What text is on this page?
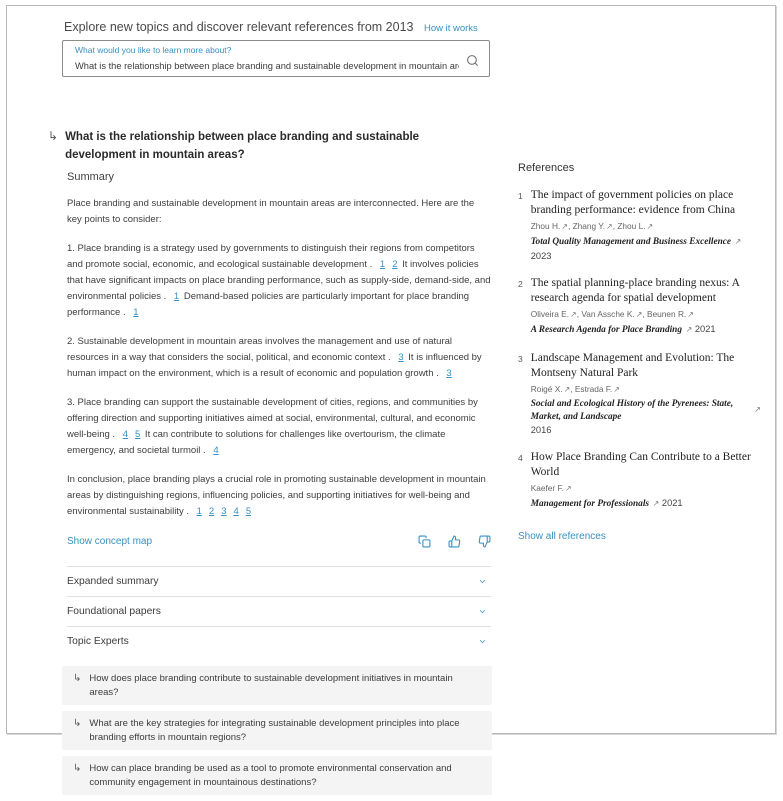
Explore new topics and discover relevant references from 2013 How it works
What would you like to learn more about?
What is the relationship between place branding and sustainable development in mountain areas?
↳ What is the relationship between place branding and sustainable development in mountain areas?
Summary

Place branding and sustainable development in mountain areas are interconnected. Here are the key points to consider:

1. Place branding is a strategy used by governments to distinguish their regions from competitors and promote social, economic, and ecological sustainable development . 1 2 It involves policies that have significant impacts on place branding performance, such as supply-side, demand-side, and environmental policies . 1 Demand-based policies are particularly important for place branding performance . 1

2. Sustainable development in mountain areas involves the management and use of natural resources in a way that considers the social, political, and economic context . 3 It is influenced by human impact on the environment, which is a result of economic and population growth . 3

3. Place branding can support the sustainable development of cities, regions, and communities by offering direction and supporting initiatives aimed at social, environmental, cultural, and economic well-being . 4 5 It can contribute to solutions for challenges like overtourism, the climate emergency, and societal turmoil . 4

In conclusion, place branding plays a crucial role in promoting sustainable development in mountain areas by distinguishing regions, influencing policies, and supporting initiatives for well-being and environmental sustainability . 1 2 3 4 5

Show concept map
Expanded summary
Foundational papers
Topic Experts
↳ How does place branding contribute to sustainable development initiatives in mountain areas?
↳ What are the key strategies for integrating sustainable development principles into place branding efforts in mountain regions?
↳ How can place branding be used as a tool to promote environmental conservation and community engagement in mountainous destinations?
References
1 The impact of government policies on place branding performance: evidence from China
Zhou H.↗ , Zhang Y.↗ , Zhou L.↗
Total Quality Management and Business Excellence ↗
2023
2 The spatial planning-place branding nexus: A research agenda for spatial development
Oliveira E.↗ , Van Assche K.↗ , Beunen R.↗
A Research Agenda for Place Branding ↗ 2021
3 Landscape Management and Evolution: The Montseny Natural Park
Roigé X.↗ , Estrada F.↗
Social and Ecological History of the Pyrenees: State, Market, and Landscape
↗
2016
4 How Place Branding Can Contribute to a Better World
Kaefer F.↗
Management for Professionals ↗ 2021
Show all references
